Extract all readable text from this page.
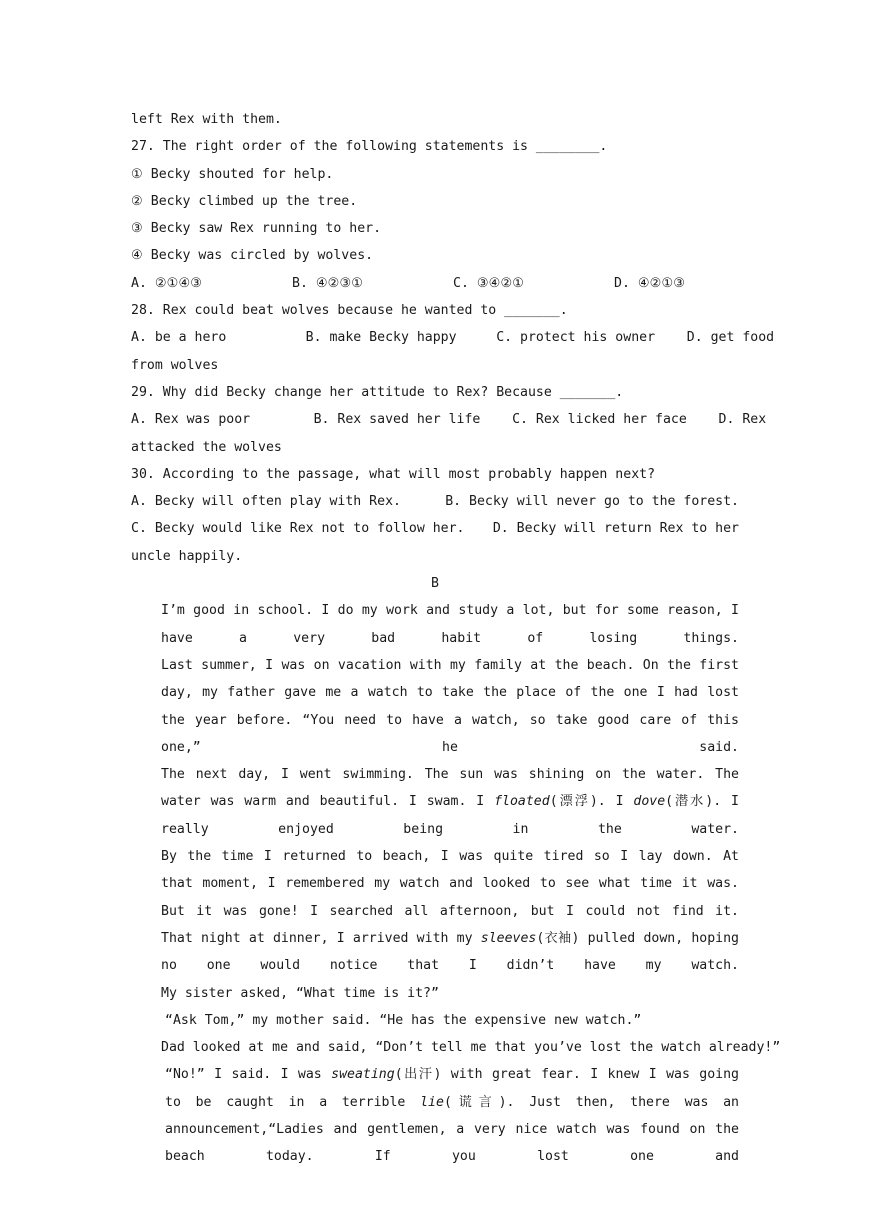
left Rex with them.
27. The right order of the following statements is ________.
① Becky shouted for help.
② Becky climbed up the tree.
③ Becky saw Rex running to her.
④ Becky was circled by wolves.
A. ②①④③	B. ④②③①	C. ③④②①	D. ④②①③
28. Rex could beat wolves because he wanted to _______.
A. be a hero          B. make Becky happy     C. protect his owner    D. get food
from wolves
29. Why did Becky change her attitude to Rex? Because _______.
A. Rex was poor        B. Rex saved her life    C. Rex licked her face    D. Rex
attacked the wolves
30. According to the passage, what will most probably happen next?
A. Becky will often play with Rex.	B. Becky will never go to the forest.
C. Becky would like Rex not to follow her. D. Becky will return Rex to her
uncle happily.
B
I’m good in school. I do my work and study a lot, but for some reason, I have a very bad habit of losing things.
Last summer, I was on vacation with my family at the beach. On the first day, my father gave me a watch to take the place of the one I had lost the year before. “You need to have a watch, so take good care of this one,” he said.
The next day, I went swimming. The sun was shining on the water. The water was warm and beautiful. I swam. I floated(漂浮). I dove(潜水). I really enjoyed being in the water.
By the time I returned to beach, I was quite tired so I lay down. At that moment, I remembered my watch and looked to see what time it was. But it was gone! I searched all afternoon, but I could not find it.
That night at dinner, I arrived with my sleeves(衣袖) pulled down, hoping no one would notice that I didn’t have my watch.
My sister asked, “What time is it?”
“Ask Tom,” my mother said. “He has the expensive new watch.”
Dad looked at me and said, “Don’t tell me that you’ve lost the watch already!”
“No!” I said. I was sweating(出汗) with great fear. I knew I was going to be caught in a terrible lie(谎言). Just then, there was an announcement,“Ladies and gentlemen, a very nice watch was found on the beach today. If you lost one and
